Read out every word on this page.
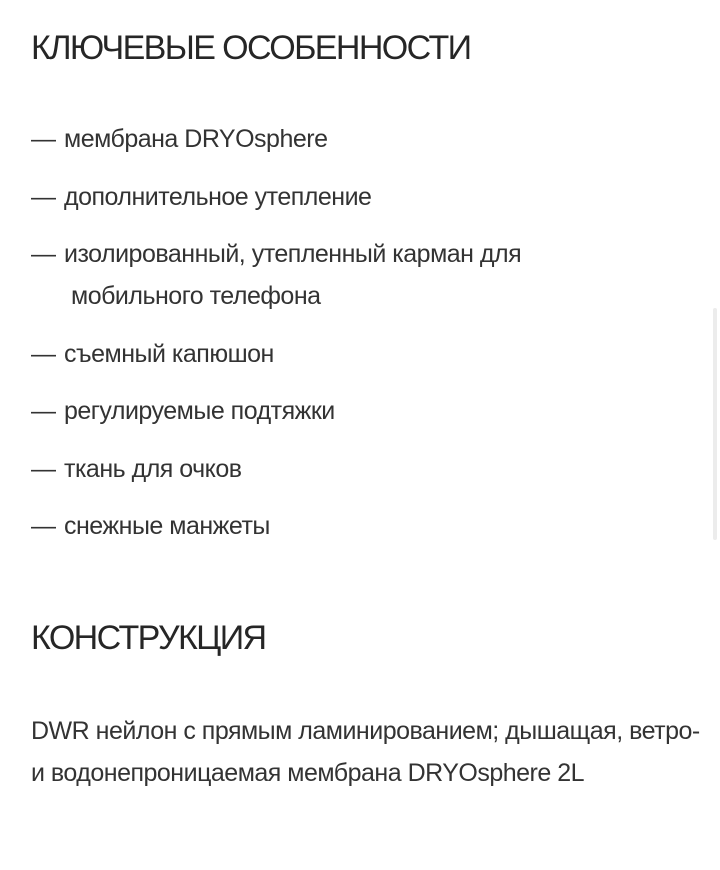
КЛЮЧЕВЫЕ ОСОБЕННОСТИ
— мембрана DRYOsphere
— дополнительное утепление
— изолированный, утепленный карман для
мобильного телефона
— съемный капюшон
— регулируемые подтяжки
— ткань для очков
— снежные манжеты
КОНСТРУКЦИЯ

DWR нейлон с прямым ламинированием; дышащая, ветро- и водонепроницаемая мембрана DRYOsphere 2L
